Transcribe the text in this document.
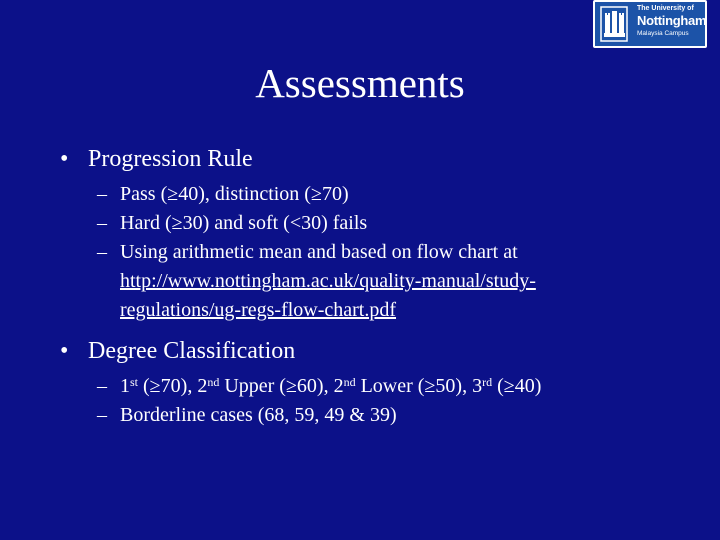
The University of
Nottingham
Malaysia Campus
Assessments
• Progression Rule
– Pass (≥40), distinction (≥70)
– Hard (≥30) and soft (<30) fails
– Using arithmetic mean and based on flow chart at
http://www.nottingham.ac.uk/quality-manual/study-
regulations/ug-regs-flow-chart.pdf
• Degree Classification
– 1st (≥70), 2nd Upper (≥60), 2nd Lower (≥50), 3rd (≥40)
– Borderline cases (68, 59, 49 & 39)
